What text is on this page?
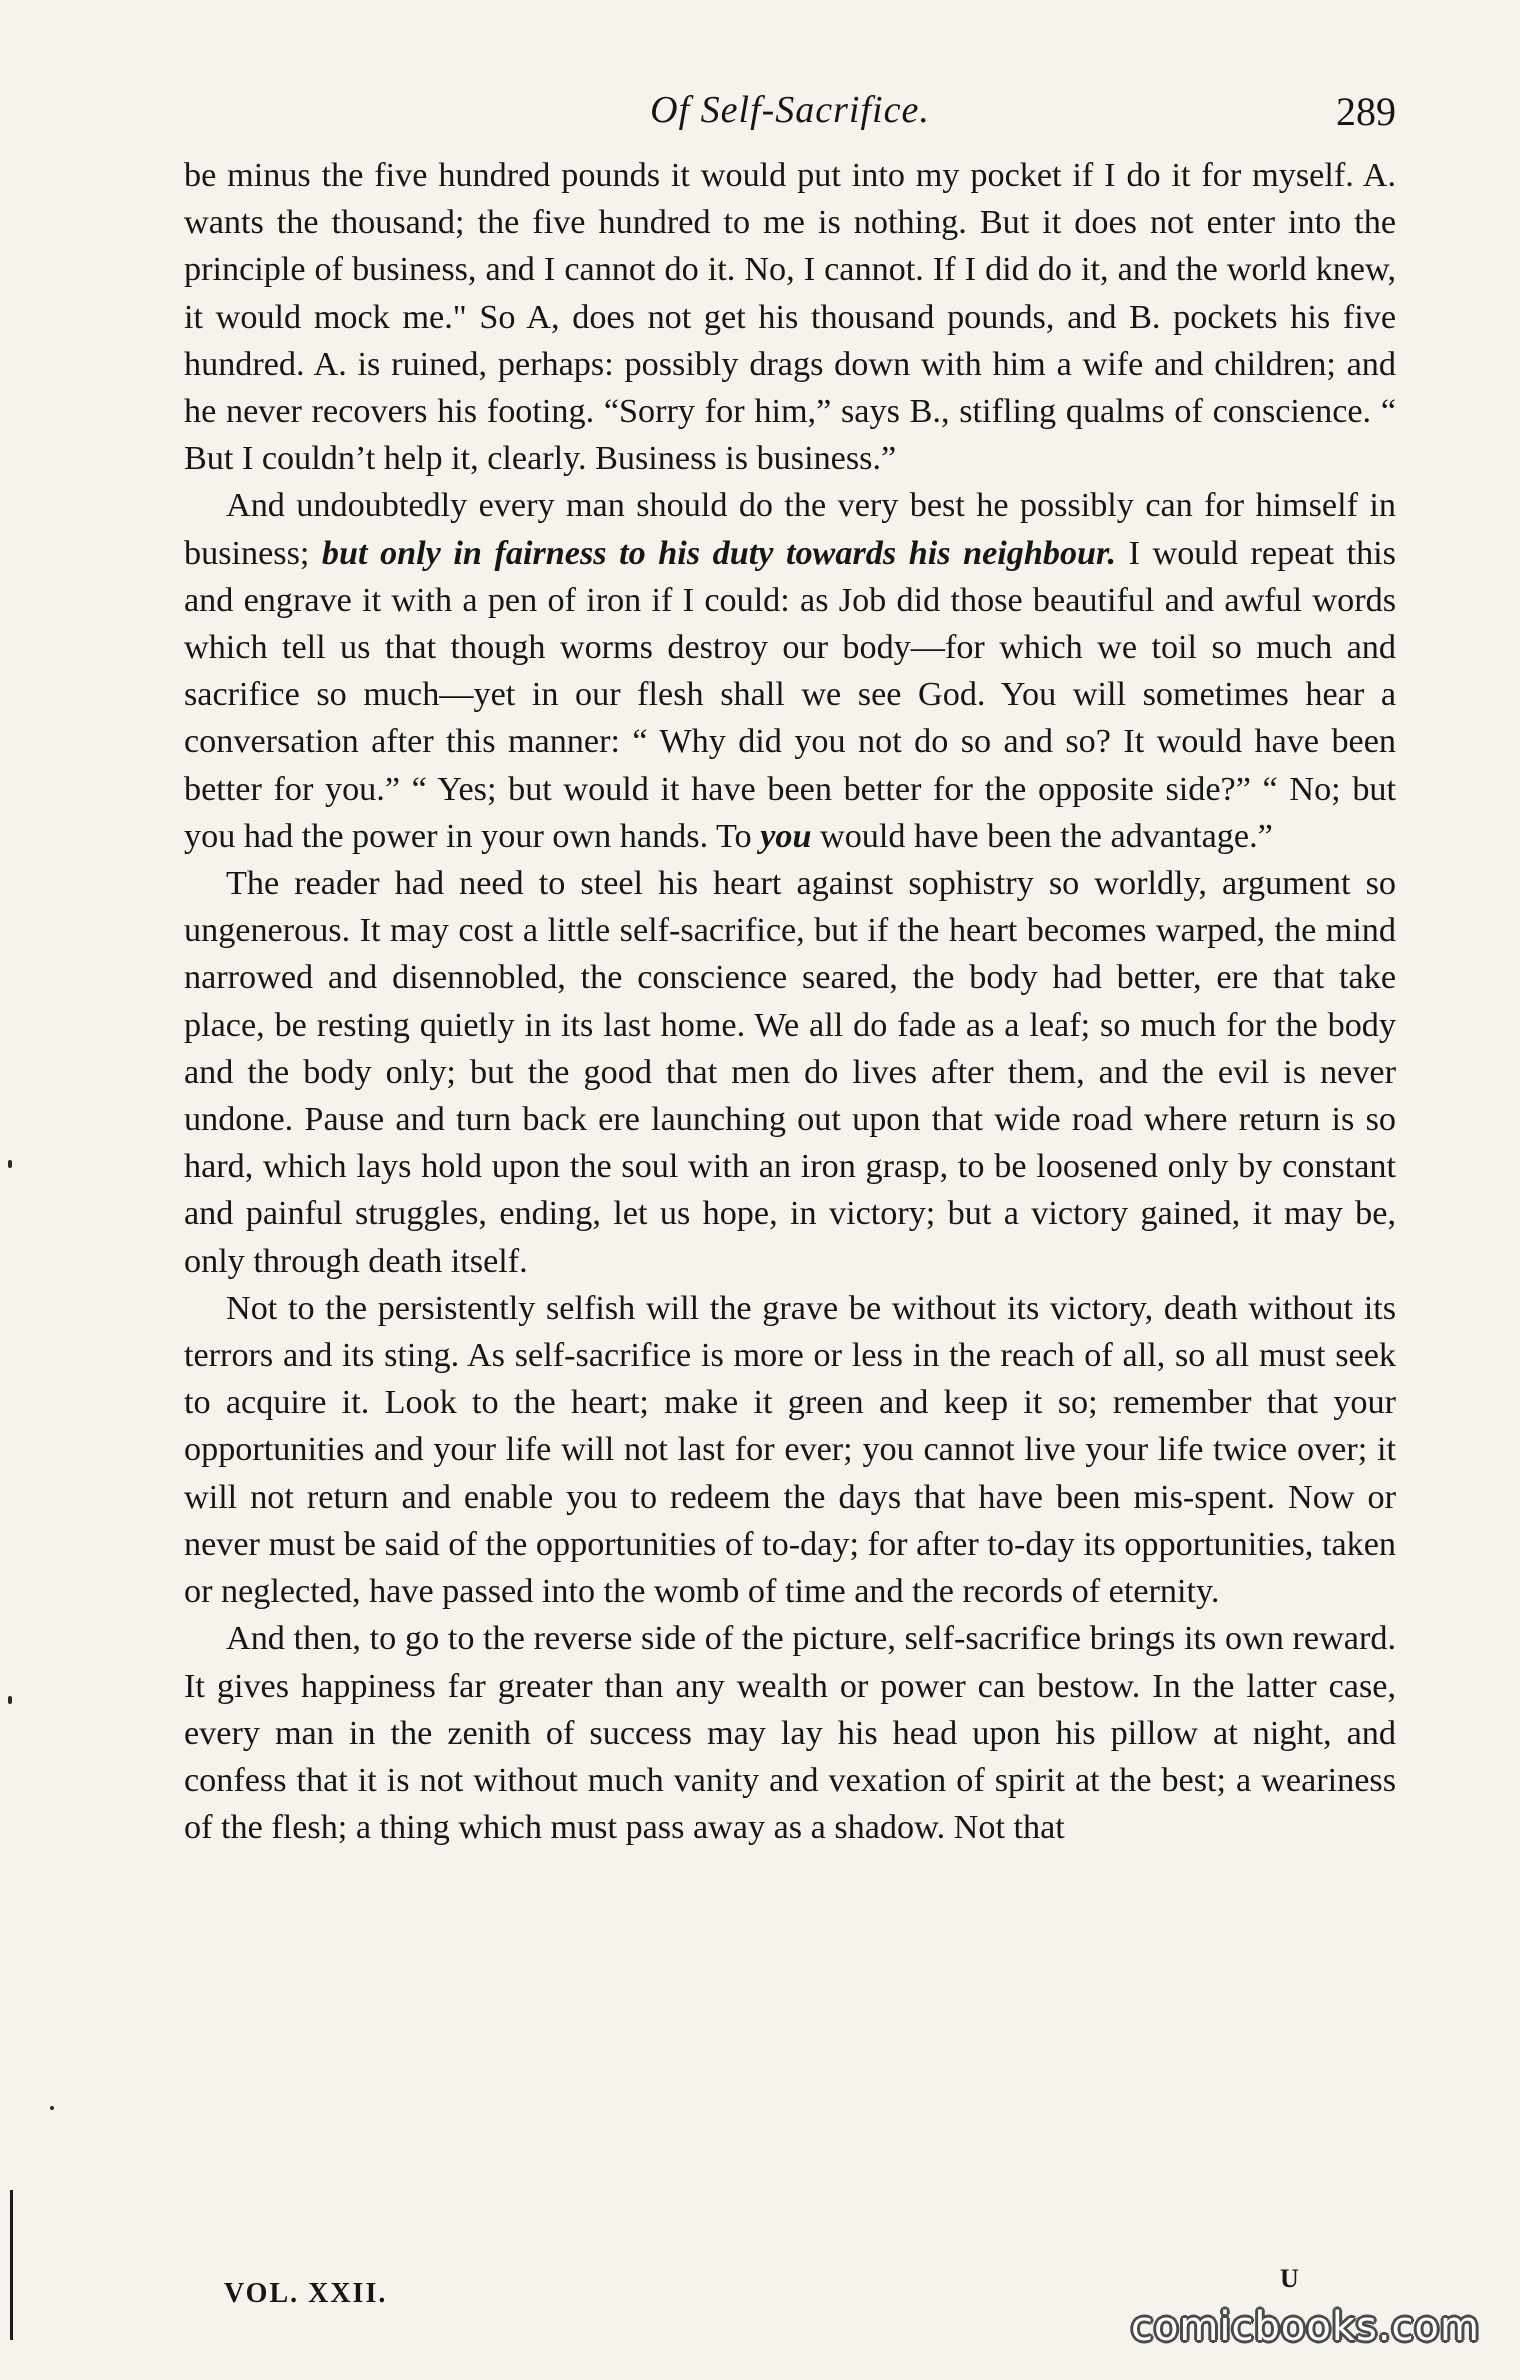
Of Self-Sacrifice.	289

be minus the five hundred pounds it would put into my pocket if I do it for myself. A. wants the thousand; the five hundred to me is nothing. But it does not enter into the principle of business, and I cannot do it. No, I cannot. If I did do it, and the world knew, it would mock me." So A, does not get his thousand pounds, and B. pockets his five hundred. A. is ruined, perhaps: possibly drags down with him a wife and children; and he never recovers his footing. “Sorry for him,” says B., stifling qualms of conscience. “ But I couldn’t help it, clearly. Business is business.”

And undoubtedly every man should do the very best he possibly can for himself in business; but only in fairness to his duty towards his neighbour. I would repeat this and engrave it with a pen of iron if I could: as Job did those beautiful and awful words which tell us that though worms destroy our body—for which we toil so much and sacrifice so much—yet in our flesh shall we see God. You will sometimes hear a conversation after this manner: “ Why did you not do so and so? It would have been better for you.” “ Yes; but would it have been better for the opposite side?” “ No; but you had the power in your own hands. To you would have been the advantage.”

The reader had need to steel his heart against sophistry so worldly, argument so ungenerous. It may cost a little self-sacrifice, but if the heart becomes warped, the mind narrowed and disennobled, the conscience seared, the body had better, ere that take place, be resting quietly in its last home. We all do fade as a leaf; so much for the body and the body only; but the good that men do lives after them, and the evil is never undone. Pause and turn back ere launching out upon that wide road where return is so hard, which lays hold upon the soul with an iron grasp, to be loosened only by constant and painful struggles, ending, let us hope, in victory; but a victory gained, it may be, only through death itself.

Not to the persistently selfish will the grave be without its victory, death without its terrors and its sting. As self-sacrifice is more or less in the reach of all, so all must seek to acquire it. Look to the heart; make it green and keep it so; remember that your opportunities and your life will not last for ever; you cannot live your life twice over; it will not return and enable you to redeem the days that have been mis-spent. Now or never must be said of the opportunities of to-day; for after to-day its opportunities, taken or neglected, have passed into the womb of time and the records of eternity.

And then, to go to the reverse side of the picture, self-sacrifice brings its own reward. It gives happiness far greater than any wealth or power can bestow. In the latter case, every man in the zenith of success may lay his head upon his pillow at night, and confess that it is not without much vanity and vexation of spirit at the best; a weariness of the flesh; a thing which must pass away as a shadow. Not that

VOL. XXII.	U
comicbooks.com
